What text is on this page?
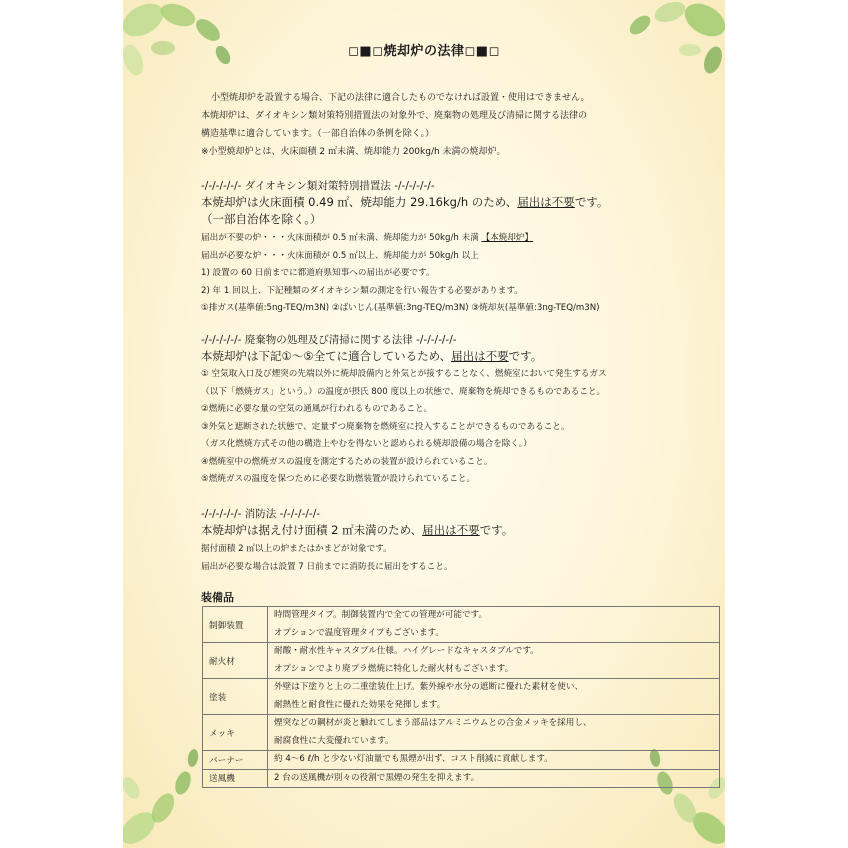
◻■◻焼却炉の法律◻■◻
小型焼却炉を設置する場合、下記の法律に適合したものでなければ設置・使用はできません。
本焼却炉は、ダイオキシン類対策特別措置法の対象外で、廃棄物の処理及び清掃に関する法律の
構造基準に適合しています。（一部自治体の条例を除く。）
※小型焼却炉とは、火床面積 2 ㎡未満、焼却能力 200kg/h 未満の焼却炉。
-/-/-/-/-/- ダイオキシン類対策特別措置法 -/-/-/-/-/-
本焼却炉は火床面積 0.49 ㎡、焼却能力 29.16kg/h のため、届出は不要です。
（一部自治体を除く。）
届出が不要の炉・・・火床面積が 0.5 ㎡未満、焼却能力が 50kg/h 未満 【本焼却炉】
届出が必要な炉・・・火床面積が 0.5 ㎡以上、焼却能力が 50kg/h 以上
1) 設置の 60 日前までに都道府県知事への届出が必要です。
2) 年 1 回以上、下記種類のダイオキシン類の測定を行い報告する必要があります。
①排ガス(基準値:5ng-TEQ/m3N) ②ばいじん(基準値:3ng-TEQ/m3N) ③焼却灰(基準値:3ng-TEQ/m3N)
-/-/-/-/-/- 廃棄物の処理及び清掃に関する法律 -/-/-/-/-/-
本焼却炉は下記①～⑤全てに適合しているため、届出は不要です。
① 空気取入口及び煙突の先端以外に焼却設備内と外気とが接することなく、燃焼室において発生するガス
（以下「燃焼ガス」という。）の温度が摂氏 800 度以上の状態で、廃棄物を焼却できるものであること。
②燃焼に必要な量の空気の通風が行われるものであること。
③外気と遮断された状態で、定量ずつ廃棄物を燃焼室に投入することができるものであること。
（ガス化燃焼方式その他の構造上やむを得ないと認められる焼却設備の場合を除く。）
④燃焼室中の燃焼ガスの温度を測定するための装置が設けられていること。
⑤燃焼ガスの温度を保つために必要な助燃装置が設けられていること。
-/-/-/-/-/- 消防法 -/-/-/-/-/-
本焼却炉は据え付け面積 2 ㎡未満のため、届出は不要です。
据付面積 2 ㎡以上の炉またはかまどが対象です。
届出が必要な場合は設置 7 日前までに消防長に届出をすること。
装備品
制御装置	時間管理タイプ。制御装置内で全ての管理が可能です。
オプションで温度管理タイプもございます。

耐火材	耐酸・耐水性キャスタブル仕様。ハイグレードなキャスタブルです。
オプションでより廃プラ燃焼に特化した耐火材もございます。

塗装	外壁は下塗りと上の二重塗装仕上げ。紫外線や水分の遮断に優れた素材を使い、
耐熱性と耐食性に優れた効果を発揮します。

メッキ	煙突などの鋼材が炎と触れてしまう部品はアルミニウムとの合金メッキを採用し、
耐腐食性に大変優れています。

バーナー	約 4～6 ℓ/h と少ない灯油量でも黒煙が出ず、コスト削減に貢献します。

送風機	2 台の送風機が別々の役割で黒煙の発生を抑えます。
